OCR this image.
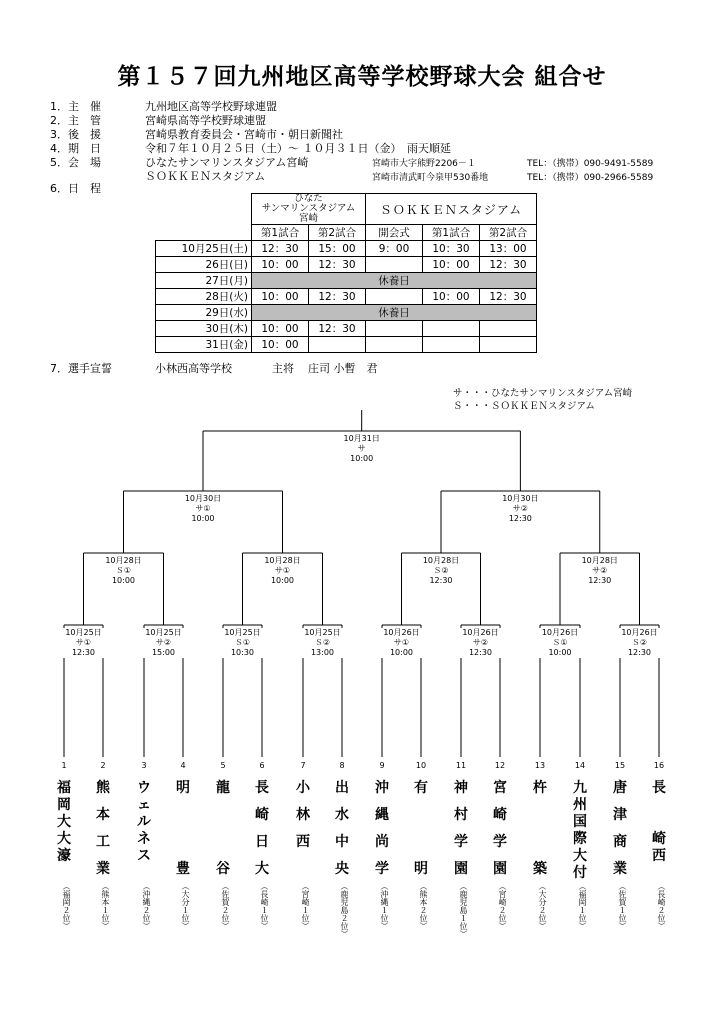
第１５７回九州地区高等学校野球大会 組合せ
1．主　催	九州地区高等学校野球連盟
2．主　管	宮崎県高等学校野球連盟
3．後　援	宮崎県教育委員会・宮崎市・朝日新聞社
4．期　日	令和７年１０月２５日（土）～ １０月３１日（金）　雨天順延
5．会　場	ひなたサンマリンスタジアム宮崎	宮崎市大字熊野2206－１	TEL：（携帯）090-9491-5589
ＳＯＫＫＥＮスタジアム	宮崎市清武町今泉甲530番地	TEL：（携帯）090-2966-5589
6．日　程

	ひなた
サンマリンスタジアム
宮崎		ＳＯＫＫＥＮスタジアム		
	第1試合	第2試合	開会式	第1試合	第2試合
10月25日(土)	12：30	15：00	9：00	10：30	13：00
26日(日)	10：00	12：30		10：00	12：30
27日(月)	休養日				
28日(火)	10：00	12：30		10：00	12：30
29日(水)	休養日				
30日(木)	10：00	12：30			
31日(金)	10：00				
7．選手宣誓	小林西高等学校	主将 庄司 小暫　君
サ・・・ひなたサンマリンスタジアム宮崎
Ｓ・・・ＳＯＫＫＥＮスタジアム
10月31日
サ
10:00
10月30日
サ①
10:00
10月30日
サ②
12:30
10月28日
Ｓ①
10:00
10月28日
サ①
10:00
10月28日
Ｓ②
12:30
10月28日
サ②
12:30
10月25日
サ①
12:30
10月25日
サ②
15:00
10月25日
Ｓ①
10:30
10月25日
Ｓ②
13:00
10月26日
サ①
10:00
10月26日
サ②
12:30
10月26日
Ｓ①
10:00
10月26日
Ｓ②
12:30
1
福
岡
大
大
濠
（福岡２位）
2
熊
本
工
業
（熊本１位）
3
ウ
ェ
ル
ネ
ス
（沖縄２位）
4
明
豊
（大分１位）
5
龍
谷
（佐賀２位）
6
長
崎
日
大
（長崎１位）
7
小
林
西
（宮崎１位）
8
出
水
中
央
（鹿児島２位）
9
沖
縄
尚
学
（沖縄１位）
10
有
明
（熊本２位）
11
神
村
学
園
（鹿児島１位）
12
宮
崎
学
園
（宮崎２位）
13
杵
築
（大分２位）
14
九
州
国
際
大
付
（福岡１位）
15
唐
津
商
業
（佐賀１位）
16
長
崎
西
（長崎２位）
